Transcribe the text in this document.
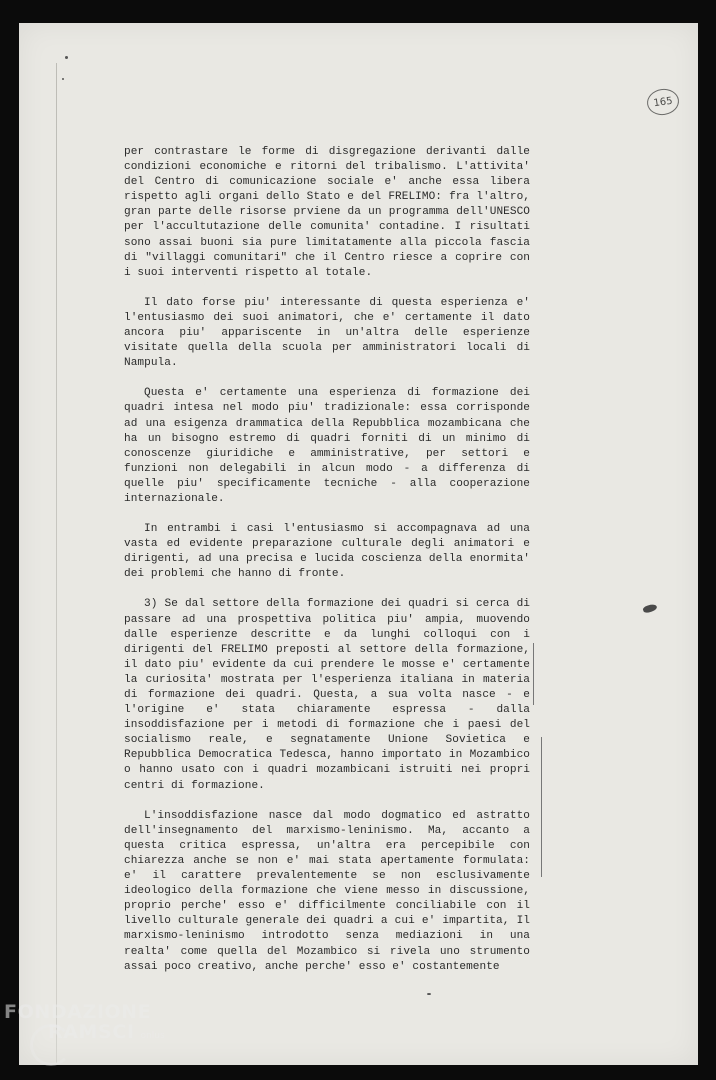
165

per contrastare le forme di disgregazione derivanti dalle condizioni economiche e ritorni del tribalismo. L'attivita' del Centro di comunicazione sociale e' anche essa libera rispetto agli organi dello Stato e del FRELIMO: fra l'altro, gran parte delle risorse prviene da un programma dell'UNESCO per l'accultutazione delle comunita' contadine. I risultati sono assai buoni sia pure limitatamente alla piccola fascia di "villaggi comunitari" che il Centro riesce a coprire con i suoi interventi rispetto al totale.

Il dato forse piu' interessante di questa esperienza e' l'entusiasmo dei suoi animatori, che e' certamente il dato ancora piu' appariscente in un'altra delle esperienze visitate quella della scuola per amministratori locali di Nampula.

Questa e' certamente una esperienza di formazione dei quadri intesa nel modo piu' tradizionale: essa corrisponde ad una esigenza drammatica della Repubblica mozambicana che ha un bisogno estremo di quadri forniti di un minimo di conoscenze giuridiche e amministrative, per settori e funzioni non delegabili in alcun modo - a differenza di quelle piu' specificamente tecniche - alla cooperazione internazionale.

In entrambi i casi l'entusiasmo si accompagnava ad una vasta ed evidente preparazione culturale degli animatori e dirigenti, ad una precisa e lucida coscienza della enormita' dei problemi che hanno di fronte.

3) Se dal settore della formazione dei quadri si cerca di passare ad una prospettiva politica piu' ampia, muovendo dalle esperienze descritte e da lunghi colloqui con i dirigenti del FRELIMO preposti al settore della formazione, il dato piu' evidente da cui prendere le mosse e' certamente la curiosita' mostrata per l'esperienza italiana in materia di formazione dei quadri. Questa, a sua volta nasce - e l'origine e' stata chiaramente espressa - dalla insoddisfazione per i metodi di formazione che i paesi del socialismo reale, e segnatamente Unione Sovietica e Repubblica Democratica Tedesca, hanno importato in Mozambico o hanno usato con i quadri mozambicani istruiti nei propri centri di formazione.

L'insoddisfazione nasce dal modo dogmatico ed astratto dell'insegnamento del marxismo-leninismo. Ma, accanto a questa critica espressa, un'altra era percepibile con chiarezza anche se non e' mai stata apertamente formulata: e' il carattere prevalentemente se non esclusivamente ideologico della formazione che viene messo in discussione, proprio perche' esso e' difficilmente conciliabile con il livello culturale generale dei quadri a cui e' impartita, Il marxismo-leninismo introdotto senza mediazioni in una realta' come quella del Mozambico si rivela uno strumento assai poco creativo, anche perche' esso e' costantemente

FONDAZIONE
RAMSCI onlus
